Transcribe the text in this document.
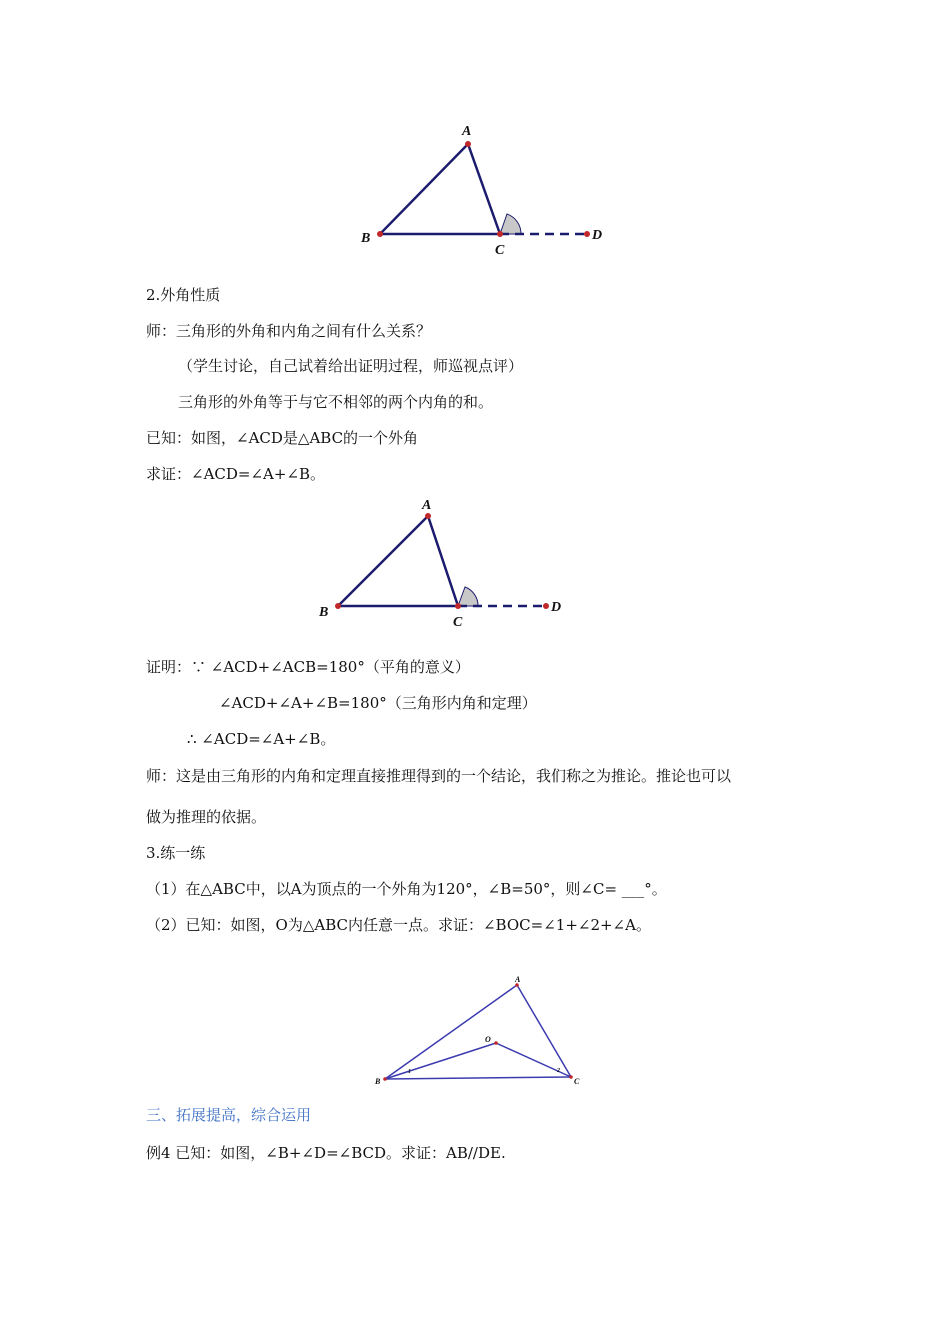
A
B
C
D
2.外角性质
师：三角形的外角和内角之间有什么关系？
（学生讨论，自己试着给出证明过程，师巡视点评）
三角形的外角等于与它不相邻的两个内角的和。
已知：如图，∠ACD是△ABC的一个外角
求证：∠ACD=∠A+∠B。
A
B
C
D
证明：∵ ∠ACD+∠ACB=180°（平角的意义）
∠ACD+∠A+∠B=180°（三角形内角和定理）
∴ ∠ACD=∠A+∠B。
师：这是由三角形的内角和定理直接推理得到的一个结论，我们称之为推论。推论也可以
做为推理的依据。
3.练一练
（1）在△ABC中，以A为顶点的一个外角为120°，∠B=50°，则∠C= ___°。
（2）已知：如图，O为△ABC内任意一点。求证：∠BOC=∠1+∠2+∠A。
A
B	C
O
1	2
三、拓展提高，综合运用
例4 已知：如图，∠B+∠D=∠BCD。求证：AB//DE.
